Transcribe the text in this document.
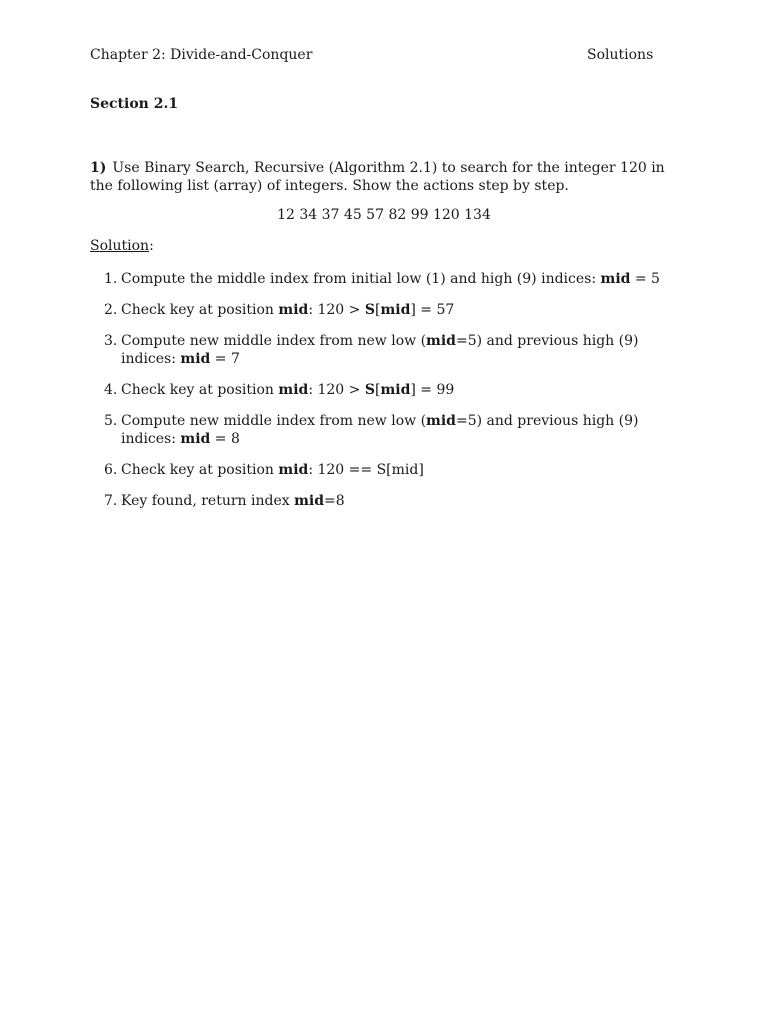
Chapter 2: Divide-and-Conquer	Solutions
Section 2.1
1) Use Binary Search, Recursive (Algorithm 2.1) to search for the integer 120 in the following list (array) of integers. Show the actions step by step.
12 34 37 45 57 82 99 120 134
Solution:
1. Compute the middle index from initial low (1) and high (9) indices: mid = 5
2. Check key at position mid: 120 > S[mid] = 57
3. Compute new middle index from new low (mid=5) and previous high (9) indices: mid = 7
4. Check key at position mid: 120 > S[mid] = 99
5. Compute new middle index from new low (mid=5) and previous high (9) indices: mid = 8
6. Check key at position mid: 120 == S[mid]
7. Key found, return index mid=8
